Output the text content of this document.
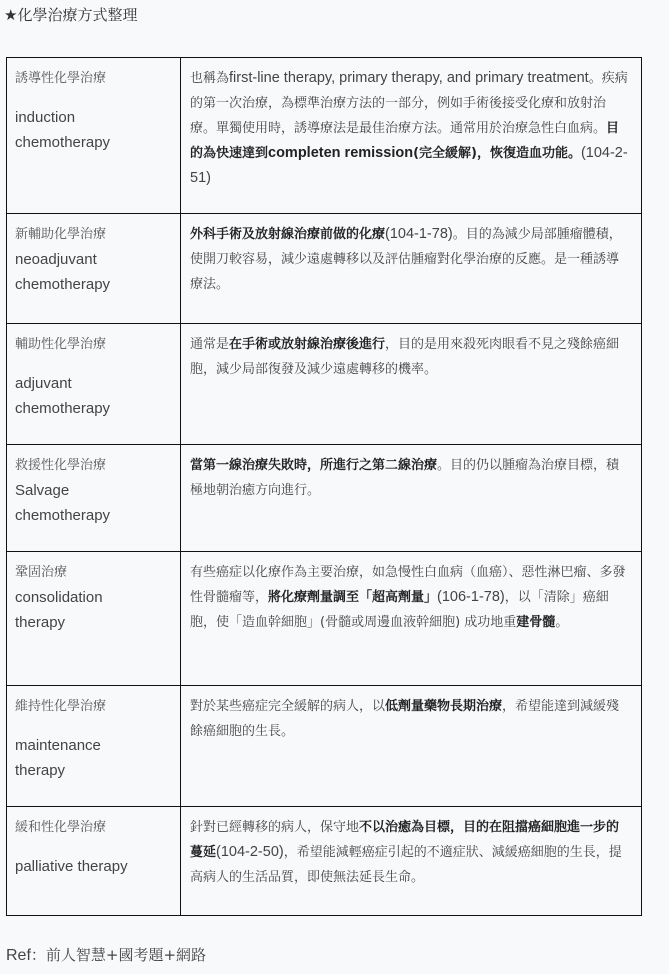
★化學治療方式整理
誘導性化學治療
induction
chemotherapy	也稱為first-line therapy, primary therapy, and primary treatment。疾病的第一次治療，為標準治療方法的一部分，例如手術後接受化療和放射治療。單獨使用時，誘導療法是最佳治療方法。通常用於治療急性白血病。目的為快速達到completen remission(完全緩解)，恢復造血功能。(104-2- 51)

新輔助化學治療
neoadjuvant
chemotherapy	外科手術及放射線治療前做的化療(104-1-78)。目的為減少局部腫瘤體積，使開刀較容易，減少遠處轉移以及評估腫瘤對化學治療的反應。是一種誘導療法。

輔助性化學治療
adjuvant
chemotherapy	通常是在手術或放射線治療後進行，目的是用來殺死肉眼看不見之殘餘癌細胞，減少局部復發及減少遠處轉移的機率。

救援性化學治療
Salvage
chemotherapy	當第一線治療失敗時，所進行之第二線治療。目的仍以腫瘤為治療目標，積極地朝治癒方向進行。

鞏固治療
consolidation
therapy	有些癌症以化療作為主要治療，如急慢性白血病（血癌）、惡性淋巴瘤、多發性骨髓瘤等，將化療劑量調至「超高劑量」(106-1-78)，以「清除」癌細胞，使「造血幹細胞」(骨髓或周邊血液幹細胞) 成功地重建骨髓。

維持性化學治療
maintenance
therapy	對於某些癌症完全緩解的病人，以低劑量藥物長期治療，希望能達到減緩殘餘癌細胞的生長。

緩和性化學治療
palliative therapy	針對已經轉移的病人，保守地不以治癒為目標，目的在阻擋癌細胞進一步的蔓延(104-2-50)，希望能減輕癌症引起的不適症狀、減緩癌細胞的生長，提高病人的生活品質，即使無法延長生命。
Ref：前人智慧+國考題+網路
